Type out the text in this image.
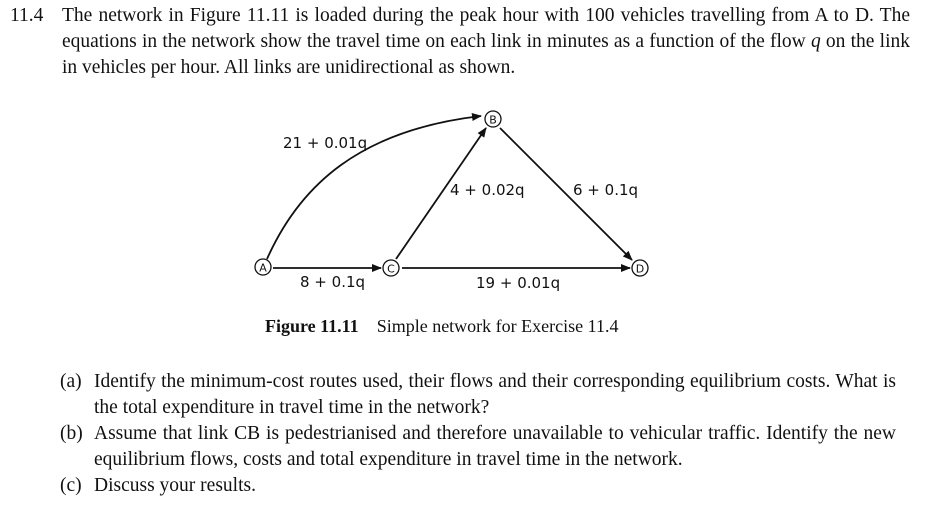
11.4 The network in Figure 11.11 is loaded during the peak hour with 100 vehicles travelling from A to D. The equations in the network show the travel time on each link in minutes as a function of the flow q on the link in vehicles per hour. All links are unidirectional as shown.
A
B
C	D
21 + 0.01q
4 + 0.02q	6 + 0.1q
8 + 0.1q	19 + 0.01q
Figure 11.11 Simple network for Exercise 11.4
(a) Identify the minimum-cost routes used, their flows and their corresponding equilibrium costs. What is the total expenditure in travel time in the network?
(b) Assume that link CB is pedestrianised and therefore unavailable to vehicular traffic. Identify the new equilibrium flows, costs and total expenditure in travel time in the network.
(c) Discuss your results.
